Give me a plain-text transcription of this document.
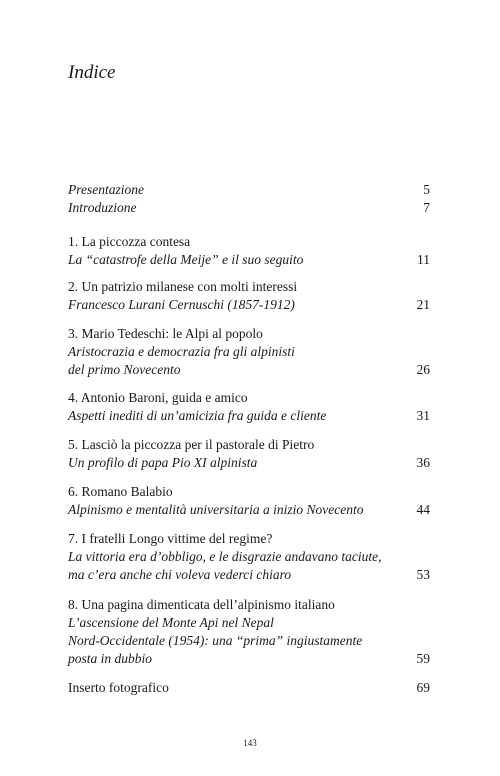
Indice
Presentazione	5
Introduzione	7
1. La piccozza contesa
La “catastrofe della Meije” e il suo seguito	11
2. Un patrizio milanese con molti interessi
Francesco Lurani Cernuschi (1857-1912)	21
3. Mario Tedeschi: le Alpi al popolo
Aristocrazia e democrazia fra gli alpinisti
del primo Novecento	26
4. Antonio Baroni, guida e amico
Aspetti inediti di un’amicizia fra guida e cliente	31
5. Lasciò la piccozza per il pastorale di Pietro
Un profilo di papa Pio XI alpinista	36
6. Romano Balabio
Alpinismo e mentalità universitaria a inizio Novecento	44
7. I fratelli Longo vittime del regime?
La vittoria era d’obbligo, e le disgrazie andavano taciute,
ma c’era anche chi voleva vederci chiaro	53
8. Una pagina dimenticata dell’alpinismo italiano
L’ascensione del Monte Api nel Nepal
Nord-Occidentale (1954): una “prima” ingiustamente
posta in dubbio	59
Inserto fotografico	69
143
